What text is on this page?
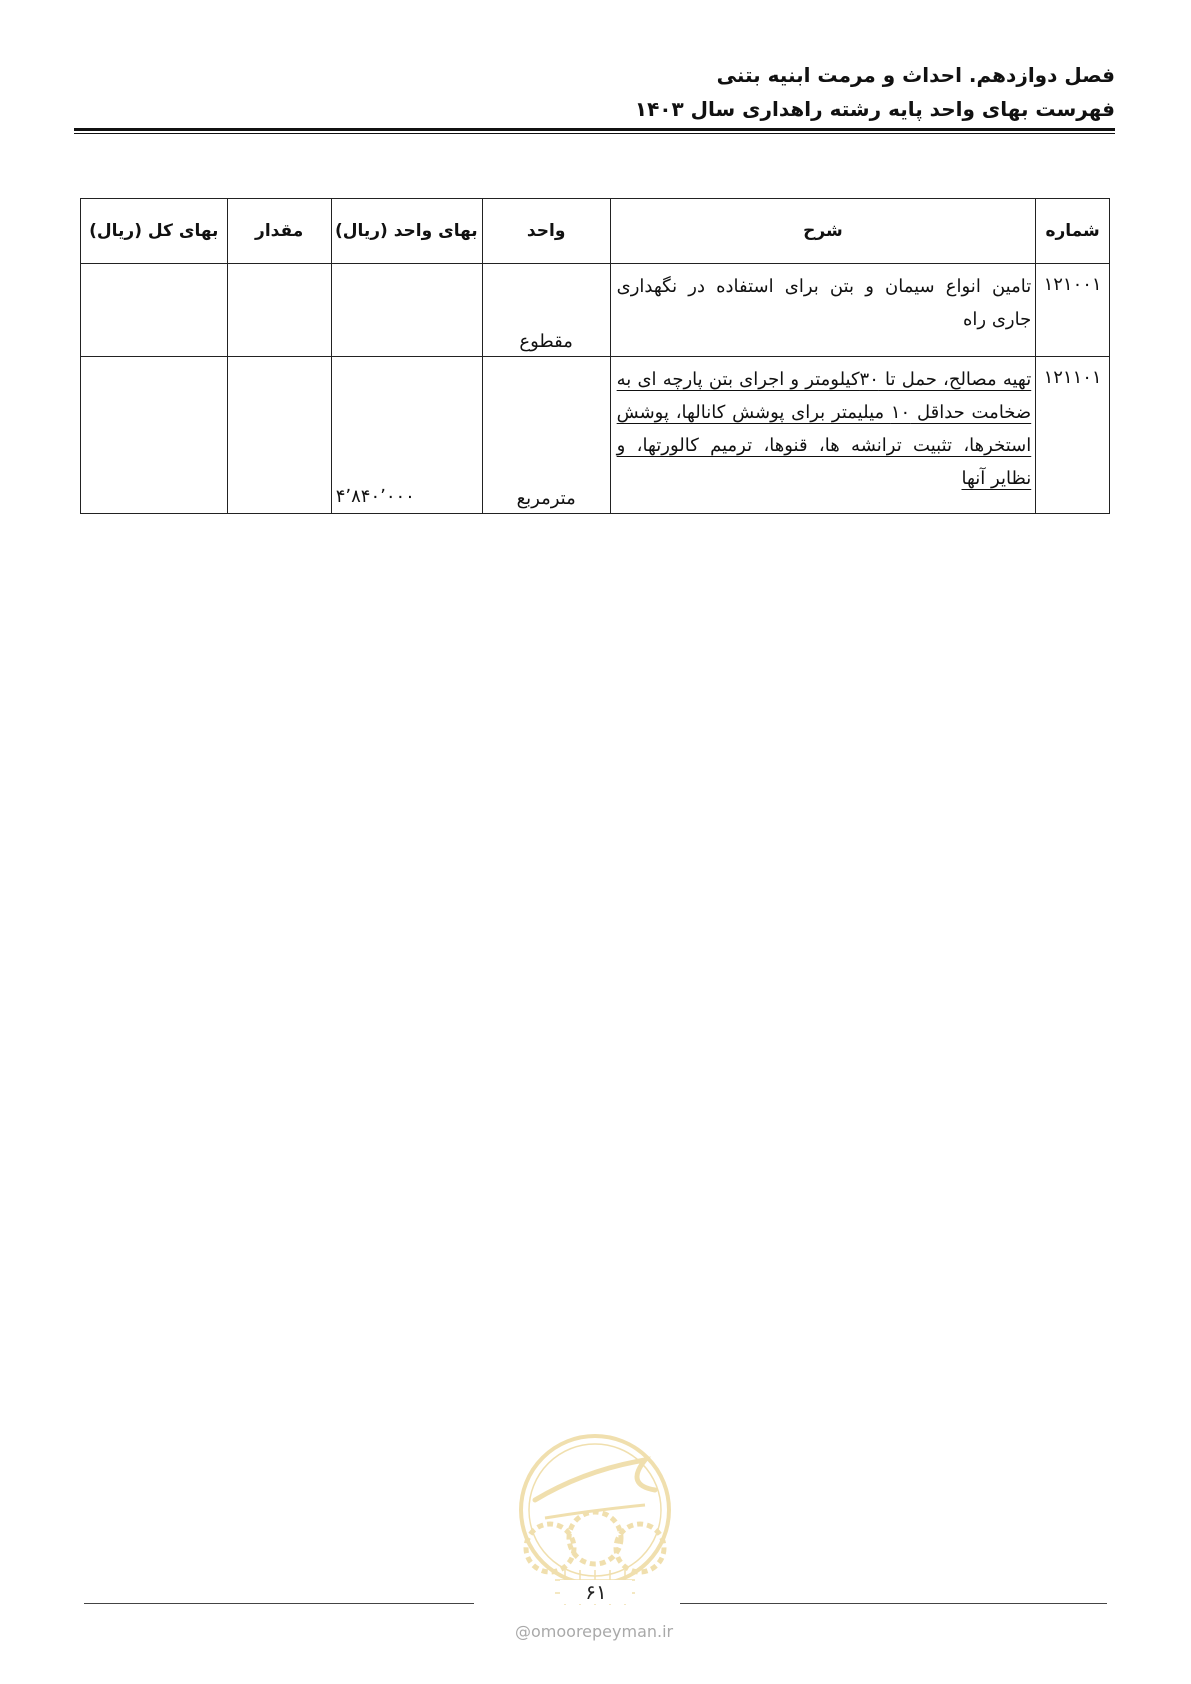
فصل دوازدهم. احداث و مرمت ابنیه بتنی

فهرست بهای واحد پایه رشته راهداری سال ۱۴۰۳

شماره	شرح	واحد	بهای واحد (ریال)	مقدار	بهای کل (ریال)
۱۲۱۰۰۱	تامین انواع سیمان و بتن برای استفاده در نگهداری جاری راه	مقطوع			
۱۲۱۱۰۱	تهیه مصالح، حمل تا ۳۰کیلومتر و اجرای بتن پارچه ای به ضخامت حداقل ۱۰ میلیمتر برای پوشش کانالها، پوشش استخرها، تثبیت ترانشه ها، قنوها، ترمیم کالورتها، و نظایر آنها	مترمربع	۴٬۸۴۰٬۰۰۰		
۶۱
@omoorepeyman.ir
